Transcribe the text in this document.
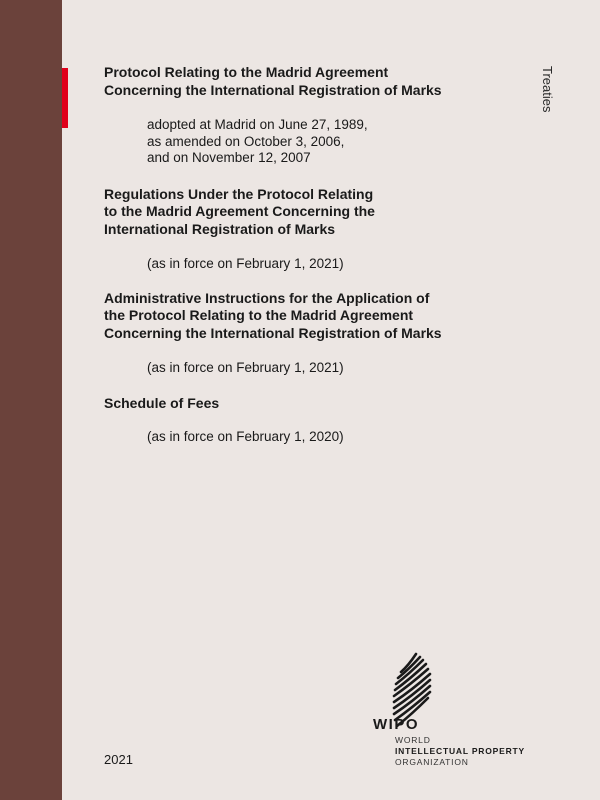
Treaties

Protocol Relating to the Madrid Agreement
Concerning the International Registration of Marks

adopted at Madrid on June 27, 1989,
as amended on October 3, 2006,
and on November 12, 2007

Regulations Under the Protocol Relating
to the Madrid Agreement Concerning the
International Registration of Marks

(as in force on February 1, 2021)

Administrative Instructions for the Application of
the Protocol Relating to the Madrid Agreement
Concerning the International Registration of Marks

(as in force on February 1, 2021)

Schedule of Fees

(as in force on February 1, 2020)
WIPO
WORLD
INTELLECTUAL PROPERTY
ORGANIZATION
2021
